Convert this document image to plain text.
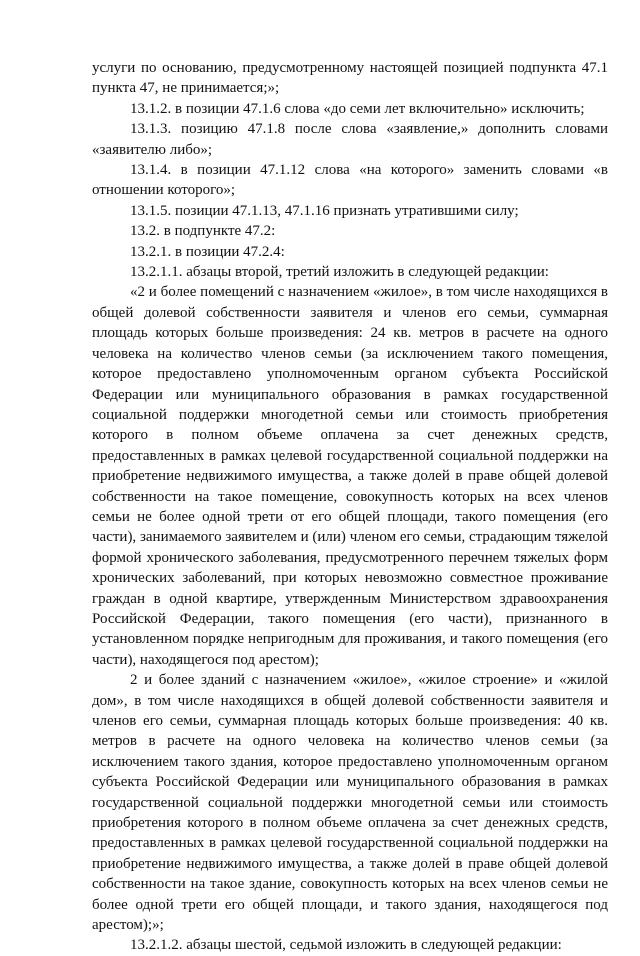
услуги по основанию, предусмотренному настоящей позицией подпункта 47.1 пункта 47, не принимается;»;

13.1.2. в позиции 47.1.6 слова «до семи лет включительно» исключить;

13.1.3. позицию 47.1.8 после слова «заявление,» дополнить словами «заявителю либо»;

13.1.4. в позиции 47.1.12 слова «на которого» заменить словами «в отношении которого»;

13.1.5. позиции 47.1.13, 47.1.16 признать утратившими силу;

13.2. в подпункте 47.2:

13.2.1. в позиции 47.2.4:

13.2.1.1. абзацы второй, третий изложить в следующей редакции:

«2 и более помещений с назначением «жилое», в том числе находящихся в общей долевой собственности заявителя и членов его семьи, суммарная площадь которых больше произведения: 24 кв. метров в расчете на одного человека на количество членов семьи (за исключением такого помещения, которое предоставлено уполномоченным органом субъекта Российской Федерации или муниципального образования в рамках государственной социальной поддержки многодетной семьи или стоимость приобретения которого в полном объеме оплачена за счет денежных средств, предоставленных в рамках целевой государственной социальной поддержки на приобретение недвижимого имущества, а также долей в праве общей долевой собственности на такое помещение, совокупность которых на всех членов семьи не более одной трети от его общей площади, такого помещения (его части), занимаемого заявителем и (или) членом его семьи, страдающим тяжелой формой хронического заболевания, предусмотренного перечнем тяжелых форм хронических заболеваний, при которых невозможно совместное проживание граждан в одной квартире, утвержденным Министерством здравоохранения Российской Федерации, такого помещения (его части), признанного в установленном порядке непригодным для проживания, и такого помещения (его части), находящегося под арестом);

2 и более зданий с назначением «жилое», «жилое строение» и «жилой дом», в том числе находящихся в общей долевой собственности заявителя и членов его семьи, суммарная площадь которых больше произведения: 40 кв. метров в расчете на одного человека на количество членов семьи (за исключением такого здания, которое предоставлено уполномоченным органом субъекта Российской Федерации или муниципального образования в рамках государственной социальной поддержки многодетной семьи или стоимость приобретения которого в полном объеме оплачена за счет денежных средств, предоставленных в рамках целевой государственной социальной поддержки на приобретение недвижимого имущества, а также долей в праве общей долевой собственности на такое здание, совокупность которых на всех членов семьи не более одной трети его общей площади, и такого здания, находящегося под арестом);»;

13.2.1.2. абзацы шестой, седьмой изложить в следующей редакции:
